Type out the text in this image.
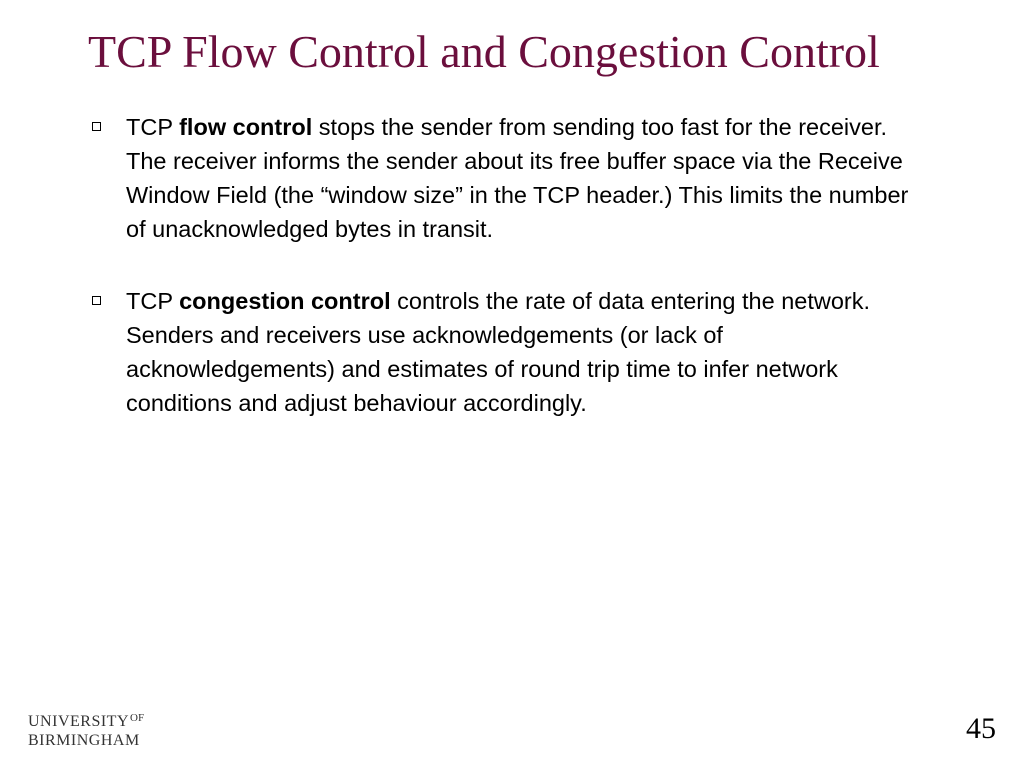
TCP Flow Control and Congestion Control
TCP flow control stops the sender from sending too fast for the receiver. The receiver informs the sender about its free buffer space via the Receive Window Field (the “window size” in the TCP header.) This limits the number of unacknowledged bytes in transit.
TCP congestion control controls the rate of data entering the network. Senders and receivers use acknowledgements (or lack of acknowledgements) and estimates of round trip time to infer network conditions and adjust behaviour accordingly.
$UNIVERSITY^{OF}$
BIRMINGHAM	45
